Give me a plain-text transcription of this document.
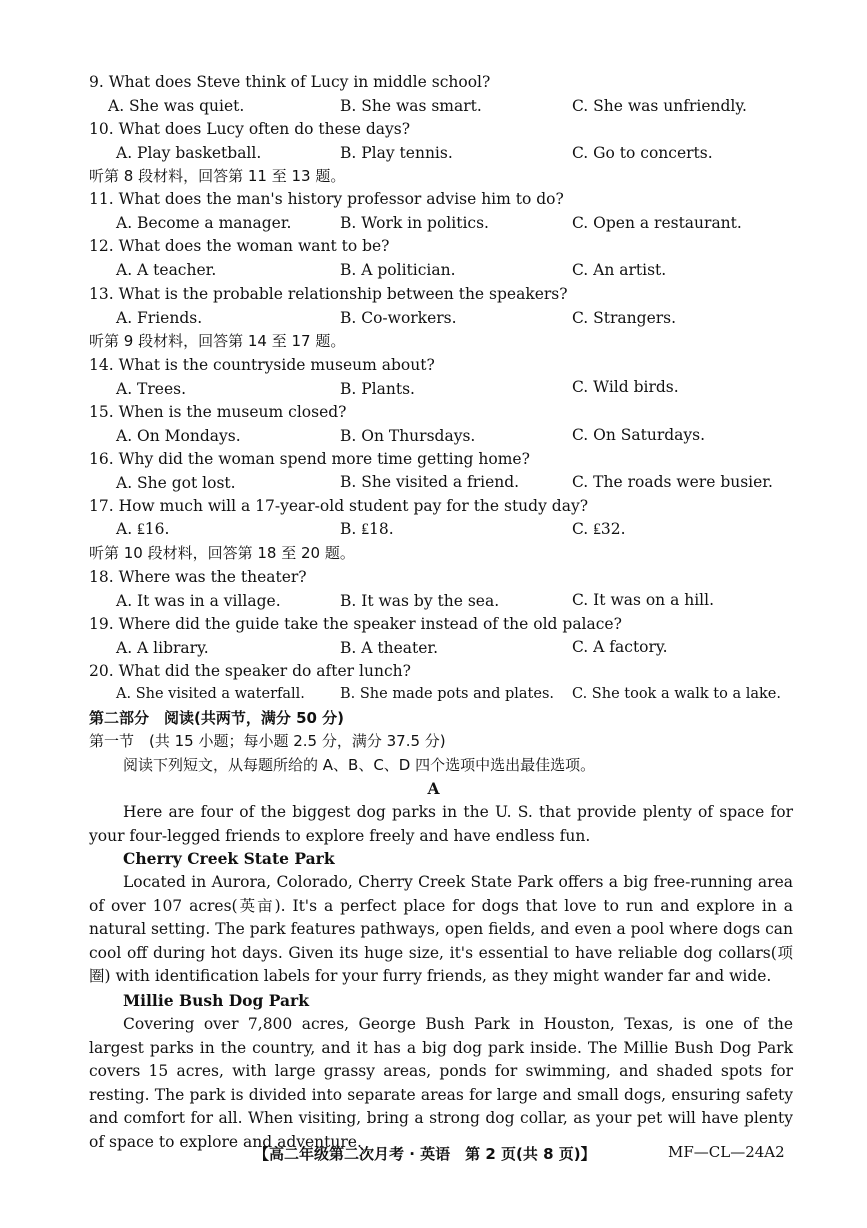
9. What does Steve think of Lucy in middle school?
A. She was quiet.	B. She was smart.	C. She was unfriendly.
10. What does Lucy often do these days?
A. Play basketball.	B. Play tennis.	C. Go to concerts.
听第 8 段材料，回答第 11 至 13 题。
11. What does the man's history professor advise him to do?
A. Become a manager.	B. Work in politics.	C. Open a restaurant.
12. What does the woman want to be?
A. A teacher.	B. A politician.	C. An artist.
13. What is the probable relationship between the speakers?
A. Friends.	B. Co-workers.	C. Strangers.
听第 9 段材料，回答第 14 至 17 题。
14. What is the countryside museum about?
A. Trees.	B. Plants.	C. Wild birds.
15. When is the museum closed?
A. On Mondays.	B. On Thursdays.	C. On Saturdays.
16. Why did the woman spend more time getting home?
A. She got lost.	B. She visited a friend.	C. The roads were busier.
17. How much will a 17-year-old student pay for the study day?
A. ₤16.	B. ₤18.	C. ₤32.
听第 10 段材料，回答第 18 至 20 题。
18. Where was the theater?
A. It was in a village.	B. It was by the sea.	C. It was on a hill.
19. Where did the guide take the speaker instead of the old palace?
A. A library.	B. A theater.	C. A factory.
20. What did the speaker do after lunch?
A. She visited a waterfall. B. She made pots and plates. C. She took a walk to a lake.
第二部分　阅读(共两节，满分 50 分)
第一节　(共 15 小题；每小题 2.5 分，满分 37.5 分)
阅读下列短文，从每题所给的 A、B、C、D 四个选项中选出最佳选项。
A

Here are four of the biggest dog parks in the U. S. that provide plenty of space for your four-legged friends to explore freely and have endless fun.

Cherry Creek State Park

Located in Aurora, Colorado, Cherry Creek State Park offers a big free-running area of over 107 acres(英亩). It's a perfect place for dogs that love to run and explore in a natural setting. The park features pathways, open fields, and even a pool where dogs can cool off during hot days. Given its huge size, it's essential to have reliable dog collars(项圈) with identification labels for your furry friends, as they might wander far and wide.

Millie Bush Dog Park

Covering over 7,800 acres, George Bush Park in Houston, Texas, is one of the largest parks in the country, and it has a big dog park inside. The Millie Bush Dog Park covers 15 acres, with large grassy areas, ponds for swimming, and shaded spots for resting. The park is divided into separate areas for large and small dogs, ensuring safety and comfort for all. When visiting, bring a strong dog collar, as your pet will have plenty of space to explore and adventure.

【高二年级第二次月考 · 英语　第 2 页(共 8 页)】	MF—CL—24A2
